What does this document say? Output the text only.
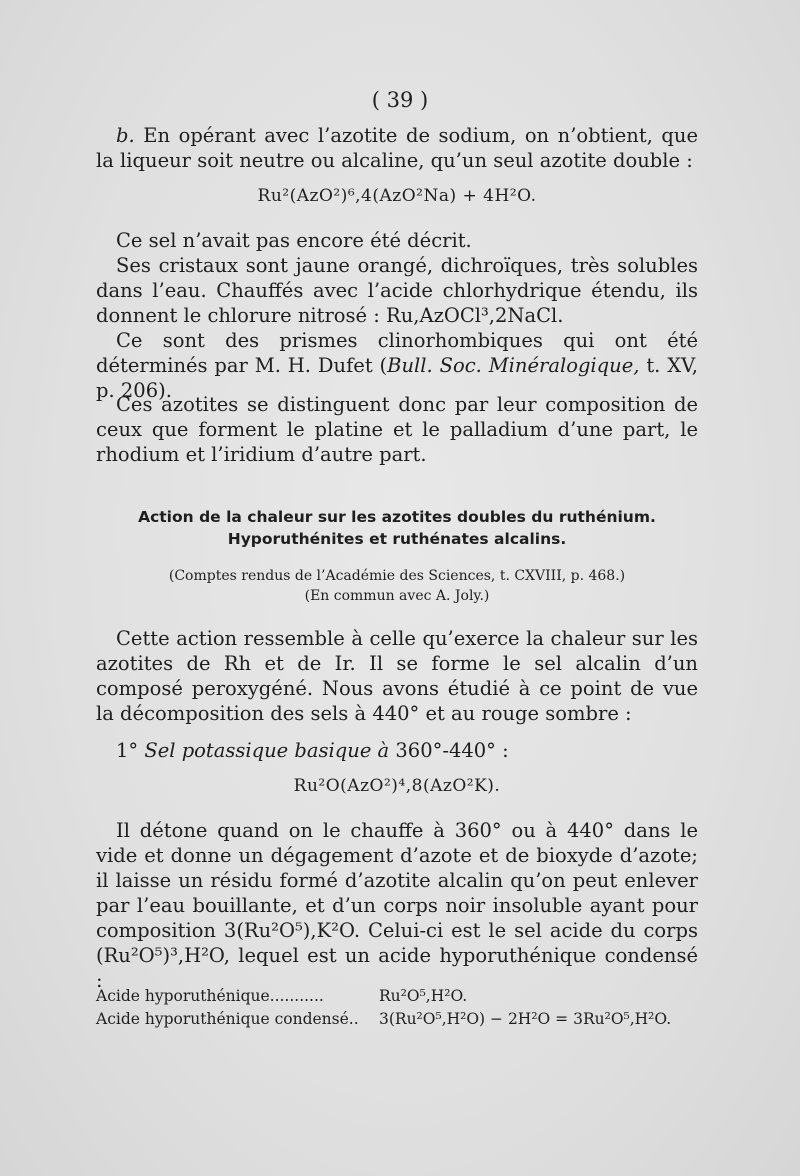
( 39 )

b. En opérant avec l’azotite de sodium, on n’obtient, que la liqueur soit neutre ou alcaline, qu’un seul azotite double :

Ru²(AzO²)⁶,4(AzO²Na) + 4H²O.

Ce sel n’avait pas encore été décrit.

Ses cristaux sont jaune orangé, dichroïques, très solubles dans l’eau. Chauffés avec l’acide chlorhydrique étendu, ils donnent le chlorure nitrosé : Ru,AzOCl³,2NaCl.

Ce sont des prismes clinorhombiques qui ont été déterminés par M. H. Dufet (Bull. Soc. Minéralogique, t. XV, p. 206).

Ces azotites se distinguent donc par leur composition de ceux que forment le platine et le palladium d’une part, le rhodium et l’iridium d’autre part.

Action de la chaleur sur les azotites doubles du ruthénium.
Hyporuthénites et ruthénates alcalins.
(Comptes rendus de l’Académie des Sciences, t. CXVIII, p. 468.)
(En commun avec A. Joly.)

Cette action ressemble à celle qu’exerce la chaleur sur les azotites de Rh et de Ir. Il se forme le sel alcalin d’un composé peroxygéné. Nous avons étudié à ce point de vue la décomposition des sels à 440° et au rouge sombre :

1° Sel potassique basique à 360°-440° :

Ru²O(AzO²)⁴,8(AzO²K).

Il détone quand on le chauffe à 360° ou à 440° dans le vide et donne un dégagement d’azote et de bioxyde d’azote; il laisse un résidu formé d’azotite alcalin qu’on peut enlever par l’eau bouillante, et d’un corps noir insoluble ayant pour composition 3(Ru²O⁵),K²O. Celui-ci est le sel acide du corps (Ru²O⁵)³,H²O, lequel est un acide hyporuthénique condensé :

Acide hyporuthénique...........	Ru²O⁵,H²O.
Acide hyporuthénique condensé..	3(Ru²O⁵,H²O) − 2H²O = 3Ru²O⁵,H²O.
